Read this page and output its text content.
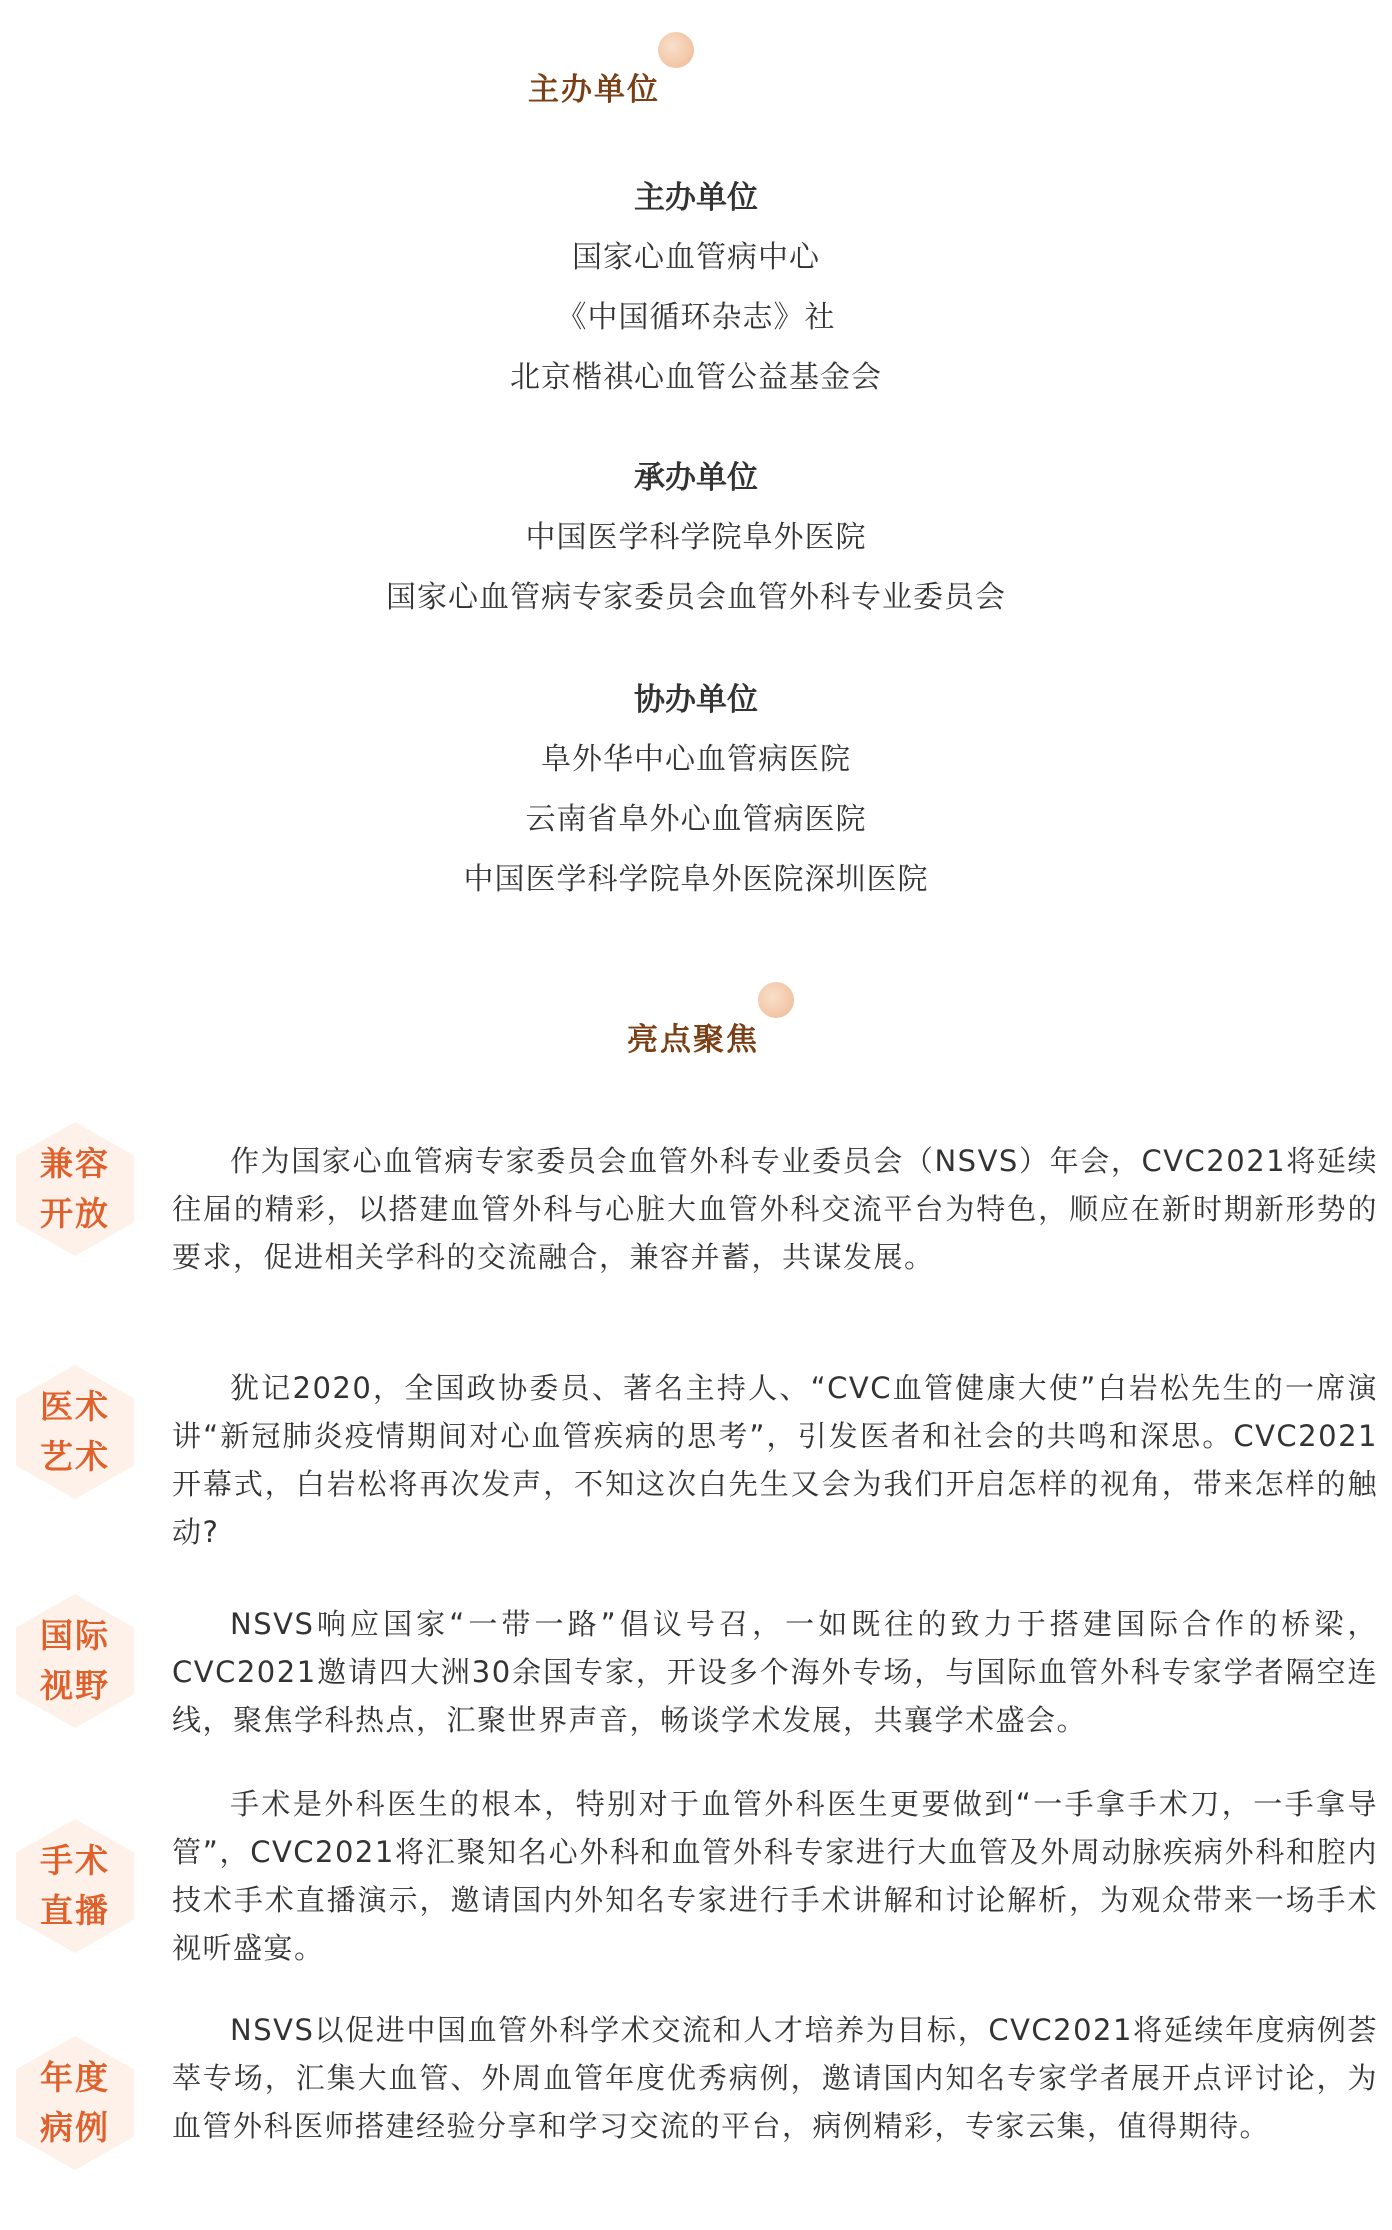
主办单位
主办单位
国家心血管病中心
《中国循环杂志》社
北京楷祺心血管公益基金会
承办单位
中国医学科学院阜外医院
国家心血管病专家委员会血管外科专业委员会
协办单位
阜外华中心血管病医院
云南省阜外心血管病医院
中国医学科学院阜外医院深圳医院
亮点聚焦
兼容
开放

作为国家心血管病专家委员会血管外科专业委员会（NSVS）年会，CVC2021将延续往届的精彩，以搭建血管外科与心脏大血管外科交流平台为特色，顺应在新时期新形势的要求，促进相关学科的交流融合，兼容并蓄，共谋发展。

医术
艺术

犹记2020，全国政协委员、著名主持人、“CVC血管健康大使”白岩松先生的一席演讲“新冠肺炎疫情期间对心血管疾病的思考”，引发医者和社会的共鸣和深思。CVC2021开幕式，白岩松将再次发声，不知这次白先生又会为我们开启怎样的视角，带来怎样的触动?

国际
视野

NSVS响应国家“一带一路”倡议号召，一如既往的致力于搭建国际合作的桥梁，CVC2021邀请四大洲30余国专家，开设多个海外专场，与国际血管外科专家学者隔空连线，聚焦学科热点，汇聚世界声音，畅谈学术发展，共襄学术盛会。

手术
直播

手术是外科医生的根本，特别对于血管外科医生更要做到“一手拿手术刀，一手拿导管”，CVC2021将汇聚知名心外科和血管外科专家进行大血管及外周动脉疾病外科和腔内技术手术直播演示，邀请国内外知名专家进行手术讲解和讨论解析，为观众带来一场手术视听盛宴。

年度
病例

NSVS以促进中国血管外科学术交流和人才培养为目标，CVC2021将延续年度病例荟萃专场，汇集大血管、外周血管年度优秀病例，邀请国内知名专家学者展开点评讨论，为血管外科医师搭建经验分享和学习交流的平台，病例精彩，专家云集，值得期待。
